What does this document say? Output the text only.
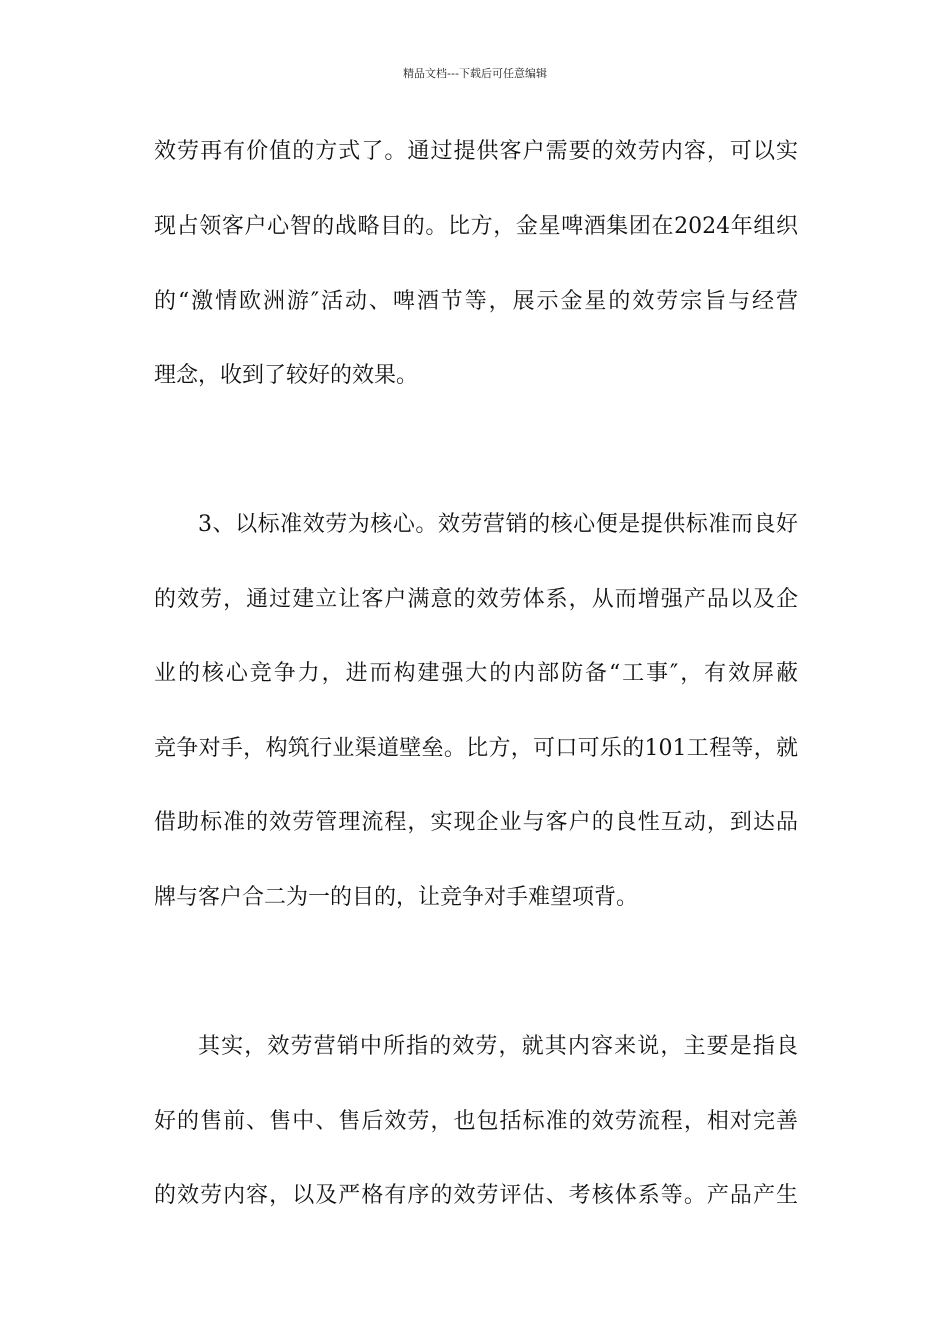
精品文档---下载后可任意编辑
效劳再有价值的方式了。通过提供客户需要的效劳内容，可以实
现占领客户心智的战略目的。比方，金星啤酒集团在2024年组织
的“激情欧洲游″活动、啤酒节等，展示金星的效劳宗旨与经营
理念，收到了较好的效果。
3、以标准效劳为核心。效劳营销的核心便是提供标准而良好
的效劳，通过建立让客户满意的效劳体系，从而增强产品以及企
业的核心竞争力，进而构建强大的内部防备“工事″，有效屏蔽
竞争对手，构筑行业渠道壁垒。比方，可口可乐的101工程等，就
借助标准的效劳管理流程，实现企业与客户的良性互动，到达品
牌与客户合二为一的目的，让竞争对手难望项背。
其实，效劳营销中所指的效劳，就其内容来说，主要是指良
好的售前、售中、售后效劳，也包括标准的效劳流程，相对完善
的效劳内容，以及严格有序的效劳评估、考核体系等。产品产生
